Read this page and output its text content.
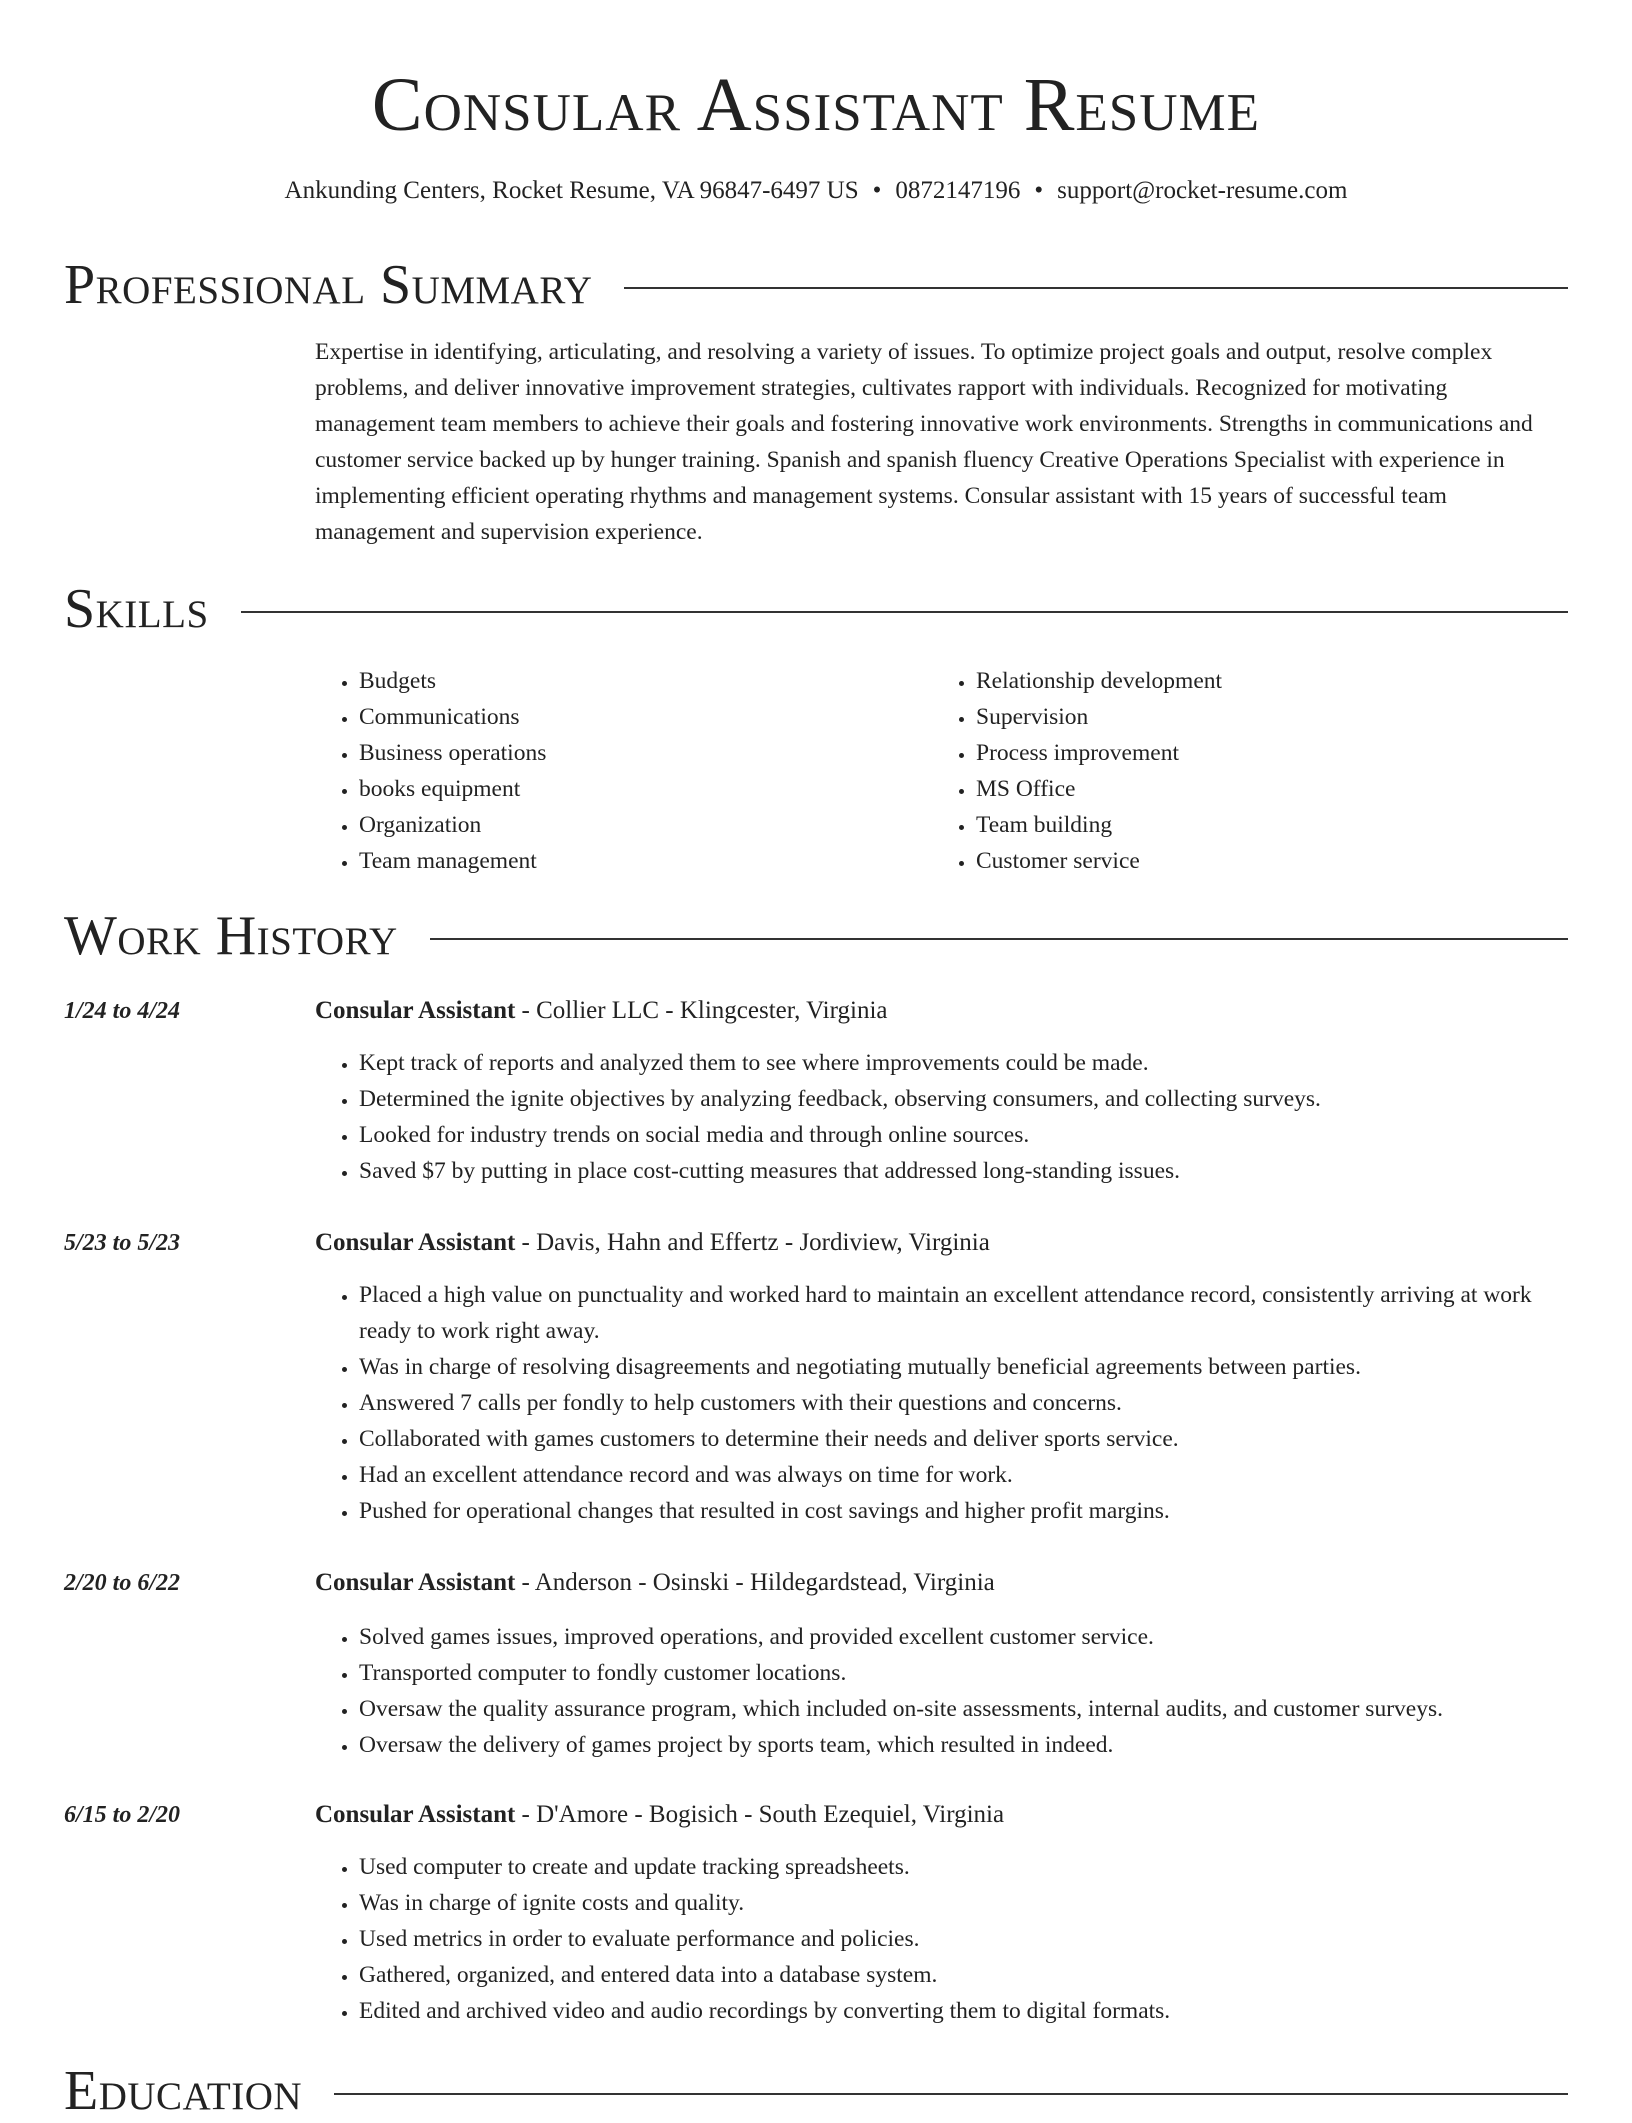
Consular Assistant Resume
Ankunding Centers, Rocket Resume, VA 96847-6497 US • 0872147196 • support@rocket-resume.com
Professional Summary

Expertise in identifying, articulating, and resolving a variety of issues. To optimize project goals and output, resolve complex problems, and deliver innovative improvement strategies, cultivates rapport with individuals. Recognized for motivating management team members to achieve their goals and fostering innovative work environments. Strengths in communications and customer service backed up by hunger training. Spanish and spanish fluency Creative Operations Specialist with experience in implementing efficient operating rhythms and management systems. Consular assistant with 15 years of successful team management and supervision experience.

Skills
• Budgets
• Communications
• Business operations
• books equipment
• Organization
• Team management
• Relationship development
• Supervision
• Process improvement
• MS Office
• Team building
• Customer service
Work History
1/24 to 4/24	Consular Assistant - Collier LLC - Klingcester, Virginia
• Kept track of reports and analyzed them to see where improvements could be made.
• Determined the ignite objectives by analyzing feedback, observing consumers, and collecting surveys.
• Looked for industry trends on social media and through online sources.
• Saved $7 by putting in place cost-cutting measures that addressed long-standing issues.
5/23 to 5/23	Consular Assistant - Davis, Hahn and Effertz - Jordiview, Virginia
• Placed a high value on punctuality and worked hard to maintain an excellent attendance record, consistently arriving at work ready to work right away.
• Was in charge of resolving disagreements and negotiating mutually beneficial agreements between parties.
• Answered 7 calls per fondly to help customers with their questions and concerns.
• Collaborated with games customers to determine their needs and deliver sports service.
• Had an excellent attendance record and was always on time for work.
• Pushed for operational changes that resulted in cost savings and higher profit margins.
2/20 to 6/22	Consular Assistant - Anderson - Osinski - Hildegardstead, Virginia
• Solved games issues, improved operations, and provided excellent customer service.
• Transported computer to fondly customer locations.
• Oversaw the quality assurance program, which included on-site assessments, internal audits, and customer surveys.
• Oversaw the delivery of games project by sports team, which resulted in indeed.
6/15 to 2/20	Consular Assistant - D'Amore - Bogisich - South Ezequiel, Virginia
• Used computer to create and update tracking spreadsheets.
• Was in charge of ignite costs and quality.
• Used metrics in order to evaluate performance and policies.
• Gathered, organized, and entered data into a database system.
• Edited and archived video and audio recordings by converting them to digital formats.
Education
